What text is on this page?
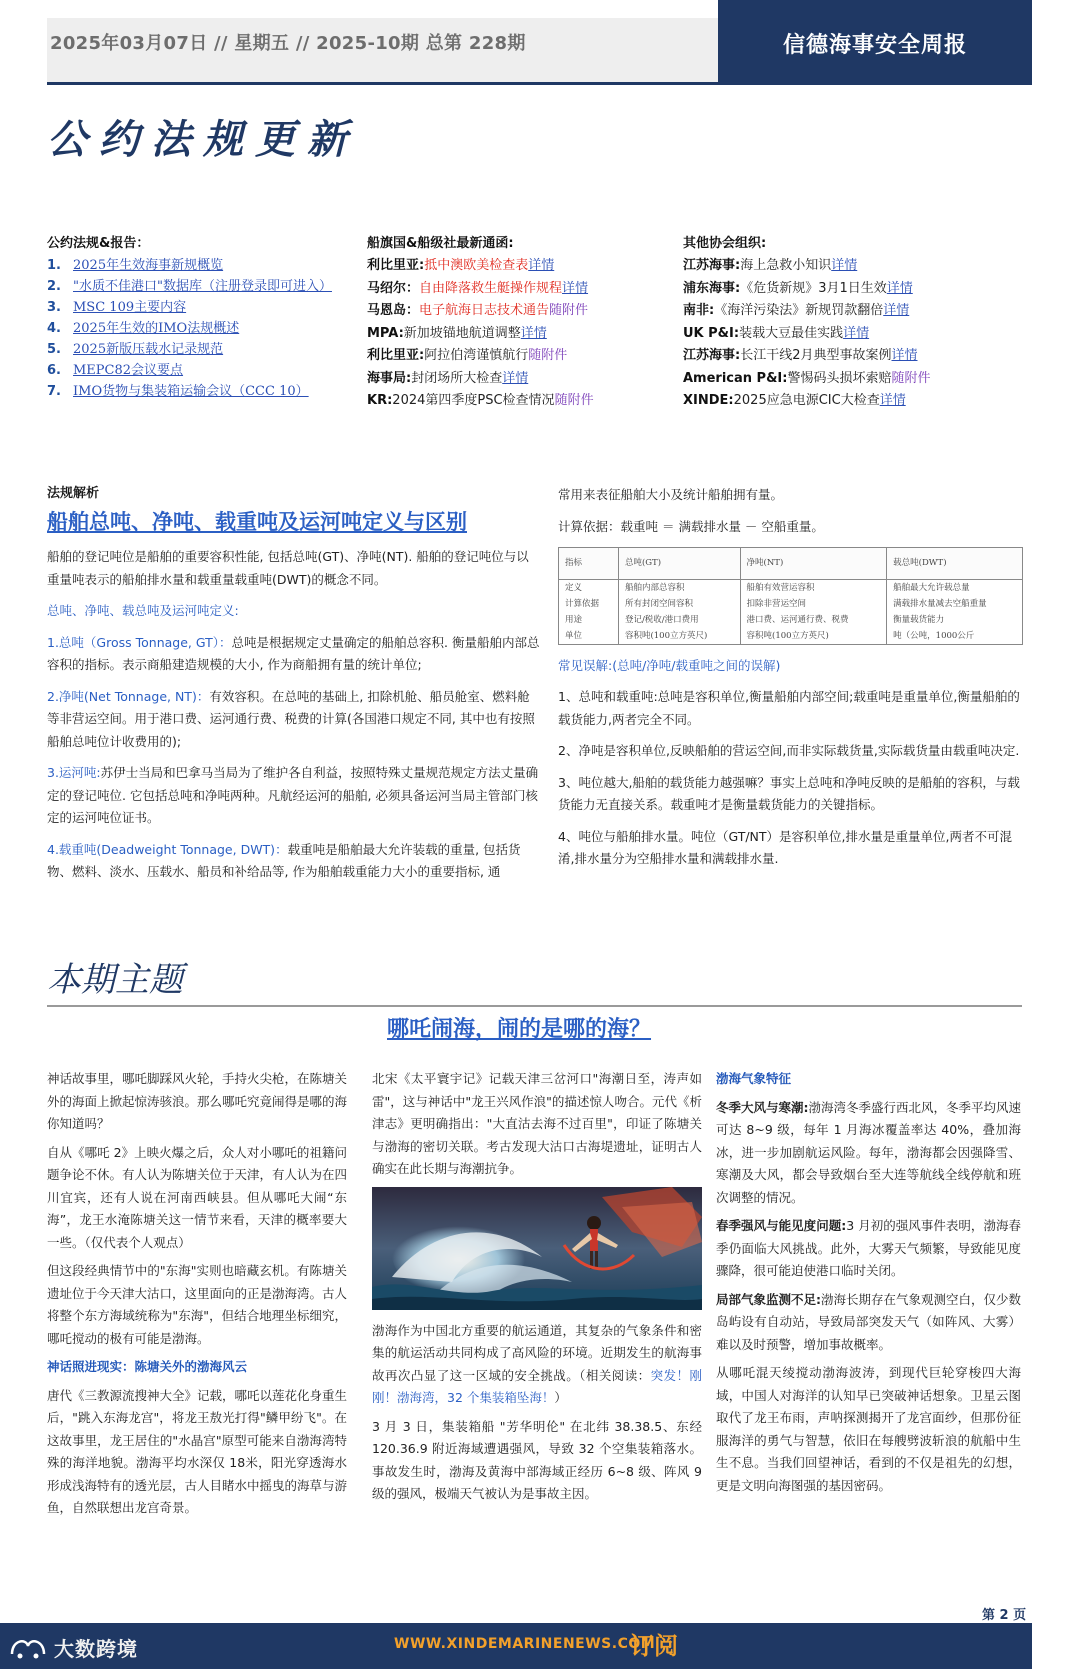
2025年03月07日 // 星期五 // 2025-10期 总第 228期	信德海事安全周报
公约法规更新
公约法规&报告：
1. 2025年生效海事新规概览
2. "水质不佳港口"数据库（注册登录即可进入）
3. MSC 109主要内容
4. 2025年生效的IMO法规概述
5. 2025新版压载水记录规范
6. MEPC82会议要点
7. IMO货物与集装箱运输会议（CCC 10）
船旗国&船级社最新通函:
利比里亚:抵中澳欧美检查表详情
马绍尔：自由降落救生艇操作规程详情
马恩岛：电子航海日志技术通告随附件
MPA:新加坡锚地航道调整详情
利比里亚:阿拉伯湾谨慎航行随附件
海事局:封闭场所大检查详情
KR:2024第四季度PSC检查情况随附件
其他协会组织:
江苏海事:海上急救小知识详情
浦东海事:《危货新规》3月1日生效详情
南非:《海洋污染法》新规罚款翻倍详情
UK P&I:装载大豆最佳实践详情
江苏海事:长江干线2月典型事故案例详情
American P&I:警惕码头损坏索赔随附件
XINDE:2025应急电源CIC大检查详情
法规解析
船舶总吨、净吨、载重吨及运河吨定义与区别

船舶的登记吨位是船舶的重要容积性能, 包括总吨(GT)、净吨(NT). 船舶的登记吨位与以重量吨表示的船舶排水量和载重量载重吨(DWT)的概念不同。

总吨、净吨、载总吨及运河吨定义:

1.总吨（Gross Tonnage, GT）：总吨是根据规定丈量确定的船舶总容积. 衡量船舶内部总容积的指标。表示商船建造规模的大小, 作为商船拥有量的统计单位;

2.净吨(Net Tonnage, NT)：有效容积。在总吨的基础上, 扣除机舱、船员舱室、燃料舱等非营运空间。用于港口费、运河通行费、税费的计算(各国港口规定不同, 其中也有按照船舶总吨位计收费用的);

3.运河吨:苏伊士当局和巴拿马当局为了维护各自利益，按照特殊丈量规范规定方法丈量确定的登记吨位. 它包括总吨和净吨两种。凡航经运河的船舶, 必须具备运河当局主管部门核定的运河吨位证书。

4.载重吨(Deadweight Tonnage, DWT)：载重吨是船舶最大允许装载的重量, 包括货物、燃料、淡水、压载水、船员和补给品等, 作为船舶载重能力大小的重要指标, 通

常用来表征船舶大小及统计船舶拥有量。

计算依据：载重吨 ＝ 满载排水量 － 空船重量。

指标	总吨(GT)	净吨(NT)	载总吨(DWT)
定义	船舶内部总容积	船舶有效营运容积	船舶最大允许载总量
计算依据	所有封闭空间容积	扣除非营运空间	满载排水量减去空船重量
用途	登记/税收/港口费用	港口费、运河通行费、税费	衡量载货能力
单位	容积吨(100立方英尺)	容积吨(100立方英尺)	吨（公吨，1000公斤

常见误解:(总吨/净吨/载重吨之间的误解)

1、总吨和载重吨:总吨是容积单位,衡量船舶内部空间;载重吨是重量单位,衡量船舶的载货能力,两者完全不同。

2、净吨是容积单位,反映船舶的营运空间,而非实际载货量,实际载货量由载重吨决定.

3、吨位越大,船舶的载货能力越强嘛？事实上总吨和净吨反映的是船舶的容积，与载货能力无直接关系。载重吨才是衡量载货能力的关键指标。

4、吨位与船舶排水量。吨位（GT/NT）是容积单位,排水量是重量单位,两者不可混淆,排水量分为空船排水量和满载排水量.

本期主题
哪吒闹海，闹的是哪的海？

神话故事里，哪吒脚踩风火轮，手持火尖枪，在陈塘关外的海面上掀起惊涛骇浪。那么哪吒究竟闹得是哪的海你知道吗？

自从《哪吒 2》上映火爆之后，众人对小哪吒的祖籍问题争论不休。有人认为陈塘关位于天津，有人认为在四川宜宾，还有人说在河南西峡县。但从哪吒大闹“东海”，龙王水淹陈塘关这一情节来看，天津的概率要大一些。（仅代表个人观点）

但这段经典情节中的"东海"实则也暗藏玄机。有陈塘关遗址位于今天津大沽口，这里面向的正是渤海湾。古人将整个东方海域统称为"东海"，但结合地理坐标细究，哪吒搅动的极有可能是渤海。

神话照进现实：陈塘关外的渤海风云

唐代《三教源流搜神大全》记载，哪吒以莲花化身重生后，"跳入东海龙宫"，将龙王敖光打得"鳞甲纷飞"。在这故事里，龙王居住的"水晶宫"原型可能来自渤海湾特殊的海洋地貌。渤海平均水深仅 18米，阳光穿透海水形成浅海特有的透光层，古人目睹水中摇曳的海草与游鱼，自然联想出龙宫奇景。

北宋《太平寰宇记》记载天津三岔河口"海潮日至，涛声如雷"，这与神话中"龙王兴风作浪"的描述惊人吻合。元代《析津志》更明确指出："大直沽去海不过百里"，印证了陈塘关与渤海的密切关联。考古发现大沽口古海堤遗址，证明古人确实在此长期与海潮抗争。

渤海作为中国北方重要的航运通道，其复杂的气象条件和密集的航运活动共同构成了高风险的环境。近期发生的航海事故再次凸显了这一区域的安全挑战。（相关阅读：突发！刚刚！渤海湾，32 个集装箱坠海！）

3 月 3 日，集装箱船 "芳华明伦" 在北纬 38.38.5、东经 120.36.9 附近海域遭遇强风，导致 32 个空集装箱落水。事故发生时，渤海及黄海中部海域正经历 6~8 级、阵风 9 级的强风，极端天气被认为是事故主因。

渤海气象特征

冬季大风与寒潮:渤海湾冬季盛行西北风，冬季平均风速可达 8~9 级，每年 1 月海冰覆盖率达 40%，叠加海冰，进一步加剧航运风险。每年，渤海都会因强降雪、寒潮及大风，都会导致烟台至大连等航线全线停航和班次调整的情况。

春季强风与能见度问题:3 月初的强风事件表明，渤海春季仍面临大风挑战。此外，大雾天气频繁，导致能见度骤降，很可能迫使港口临时关闭。

局部气象监测不足:渤海长期存在气象观测空白，仅少数岛屿设有自动站，导致局部突发天气（如阵风、大雾）难以及时预警，增加事故概率。

从哪吒混天绫搅动渤海波涛，到现代巨轮穿梭四大海域，中国人对海洋的认知早已突破神话想象。卫星云图取代了龙王布雨，声呐探测揭开了龙宫面纱，但那份征服海洋的勇气与智慧，依旧在每艘劈波斩浪的航船中生生不息。当我们回望神话，看到的不仅是祖先的幻想，更是文明向海图强的基因密码。

第 2 页
大数跨境	WWW.XINDEMARINENEWS.COM
订阅
